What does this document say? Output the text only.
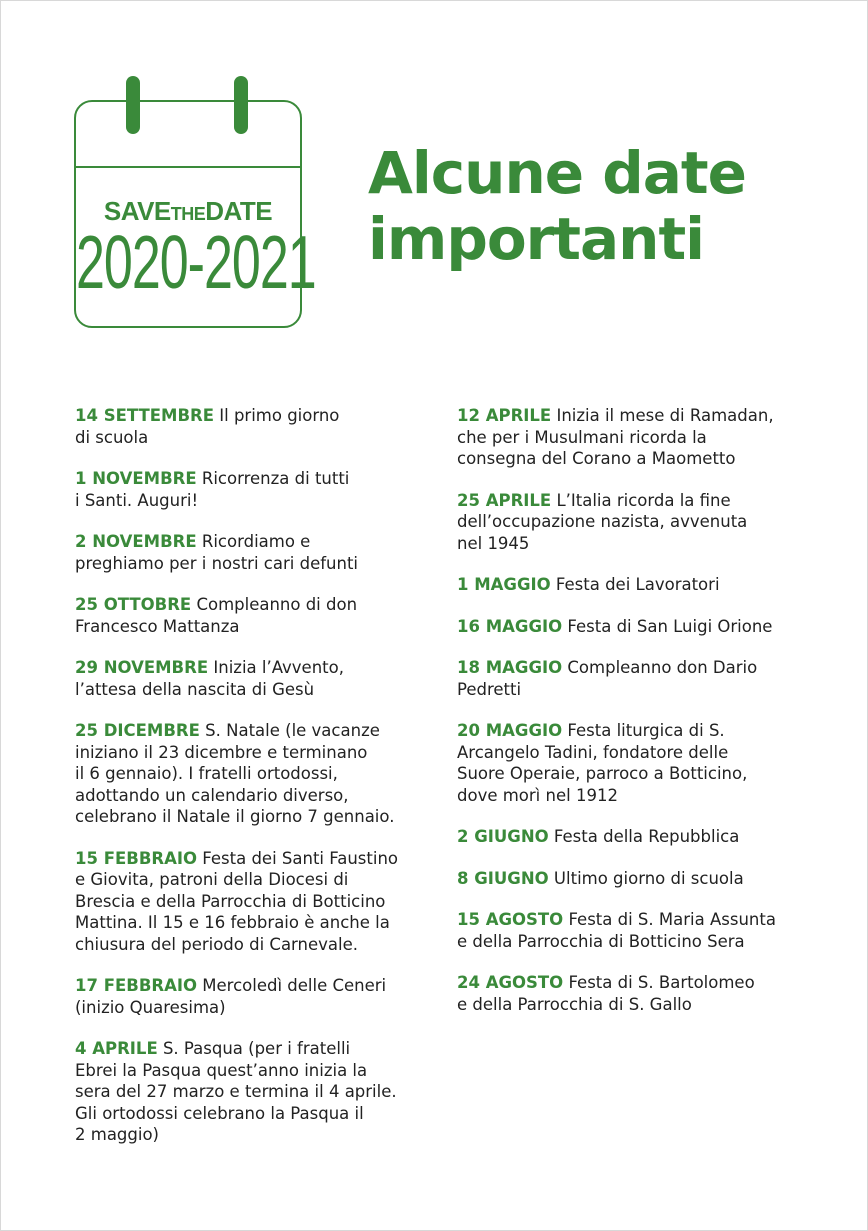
SAVETHEDATE
2020-2021
Alcune date
importanti

14 SETTEMBRE Il primo giorno
di scuola

1 NOVEMBRE Ricorrenza di tutti
i Santi. Auguri!

2 NOVEMBRE Ricordiamo e
preghiamo per i nostri cari defunti

25 OTTOBRE Compleanno di don
Francesco Mattanza

29 NOVEMBRE Inizia l’Avvento,
l’attesa della nascita di Gesù

25 DICEMBRE S. Natale (le vacanze
iniziano il 23 dicembre e terminano
il 6 gennaio). I fratelli ortodossi,
adottando un calendario diverso,
celebrano il Natale il giorno 7 gennaio.

15 FEBBRAIO Festa dei Santi Faustino
e Giovita, patroni della Diocesi di
Brescia e della Parrocchia di Botticino
Mattina. Il 15 e 16 febbraio è anche la
chiusura del periodo di Carnevale.

17 FEBBRAIO Mercoledì delle Ceneri
(inizio Quaresima)

4 APRILE S. Pasqua (per i fratelli
Ebrei la Pasqua quest’anno inizia la
sera del 27 marzo e termina il 4 aprile.
Gli ortodossi celebrano la Pasqua il
2 maggio)

12 APRILE Inizia il mese di Ramadan,
che per i Musulmani ricorda la
consegna del Corano a Maometto

25 APRILE L’Italia ricorda la fine
dell’occupazione nazista, avvenuta
nel 1945

1 MAGGIO Festa dei Lavoratori

16 MAGGIO Festa di San Luigi Orione

18 MAGGIO Compleanno don Dario
Pedretti

20 MAGGIO Festa liturgica di S.
Arcangelo Tadini, fondatore delle
Suore Operaie, parroco a Botticino,
dove morì nel 1912

2 GIUGNO Festa della Repubblica

8 GIUGNO Ultimo giorno di scuola

15 AGOSTO Festa di S. Maria Assunta
e della Parrocchia di Botticino Sera

24 AGOSTO Festa di S. Bartolomeo
e della Parrocchia di S. Gallo
